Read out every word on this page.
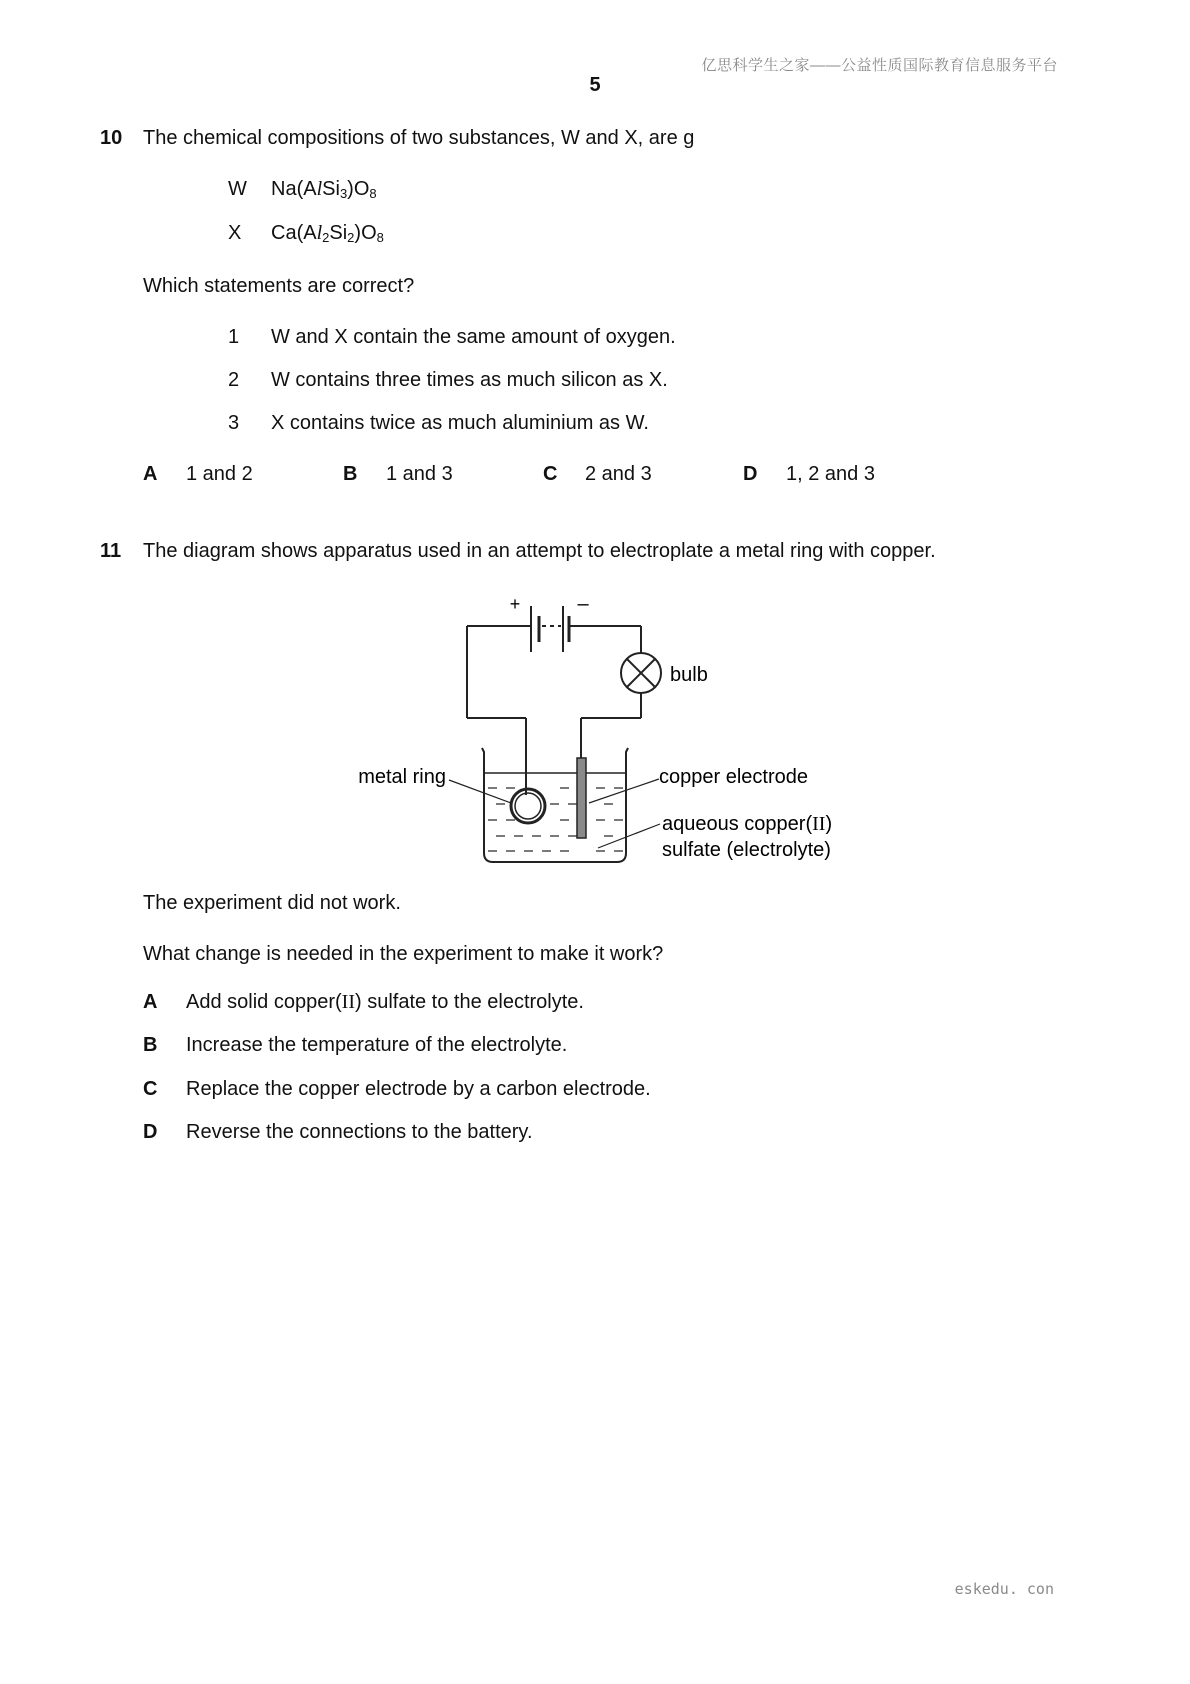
亿思科学生之家——公益性质国际教育信息服务平台
5
10 The chemical compositions of two substances, W and X, are g
W $Na(AlSi_3)O_8$
X $Ca(Al_2Si_2)O_8$
Which statements are correct?
1 W and X contain the same amount of oxygen.
2 W contains three times as much silicon as X.
3 X contains twice as much aluminium as W.
A 1 and 2	B 1 and 3	C 2 and 3	D 1, 2 and 3
11 The diagram shows apparatus used in an attempt to electroplate a metal ring with copper.
+	–
bulb
metal ring	copper electrode
aqueous copper(II)
sulfate (electrolyte)
The experiment did not work.
What change is needed in the experiment to make it work?
A Add solid copper(II) sulfate to the electrolyte.
B Increase the temperature of the electrolyte.
C Replace the copper electrode by a carbon electrode.
D Reverse the connections to the battery.
eskedu. con
